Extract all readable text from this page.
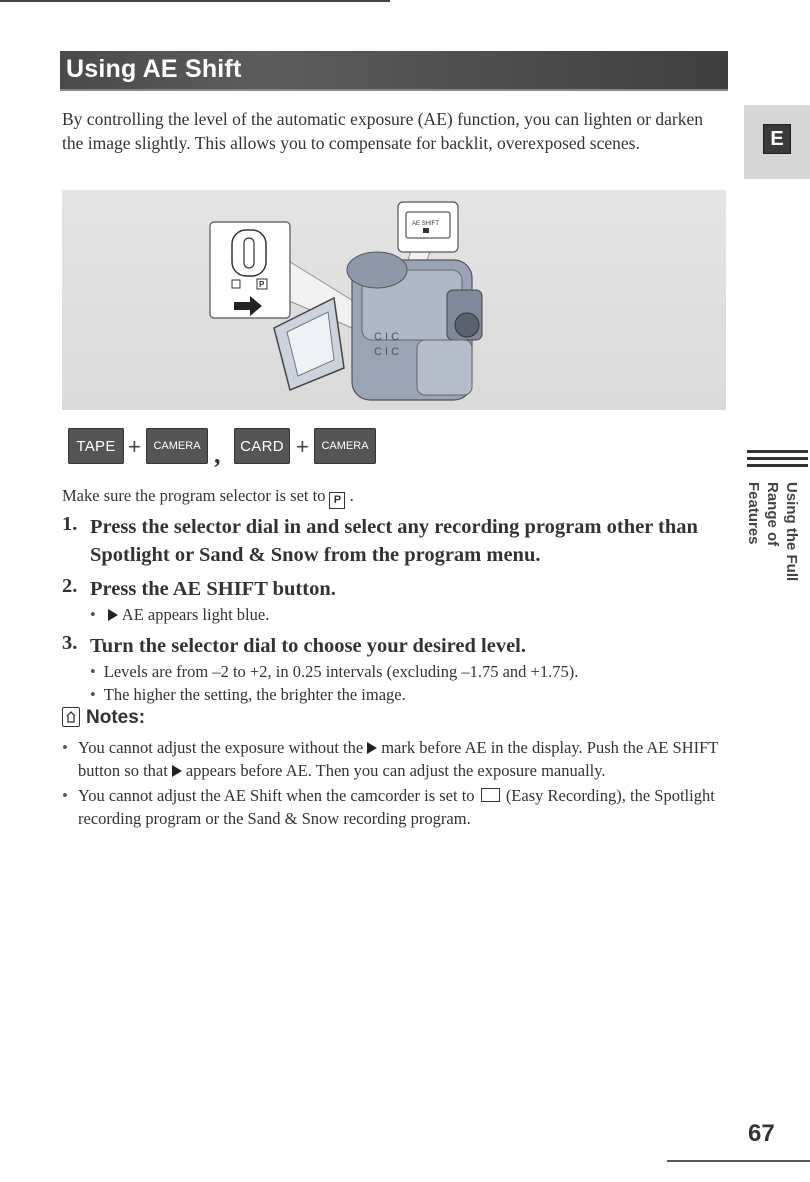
Using AE Shift

By controlling the level of the automatic exposure (AE) function, you can lighten or darken the image slightly. This allows you to compensate for backlit, overexposed scenes.	E
C I C
C I C
P
AE SHIFT
TAPE +	CAMERA ,	CARD +	CAMERA

Make sure the program selector is set to P .

1. Press the selector dial in and select any recording program other than Spotlight or Sand & Snow from the program menu.
2. Press the AE SHIFT button.
• AE appears light blue.
3. Turn the selector dial to choose your desired level.
• Levels are from –2 to +2, in 0.25 intervals (excluding –1.75 and +1.75).
• The higher the setting, the brighter the image.
Notes:

• You cannot adjust the exposure without the mark before AE in the display. Push the AE SHIFT button so that appears before AE. Then you can adjust the exposure manually.

• You cannot adjust the AE Shift when the camcorder is set to (Easy Recording), the Spotlight recording program or the Sand & Snow recording program.

Using the Full Range of Features
67
